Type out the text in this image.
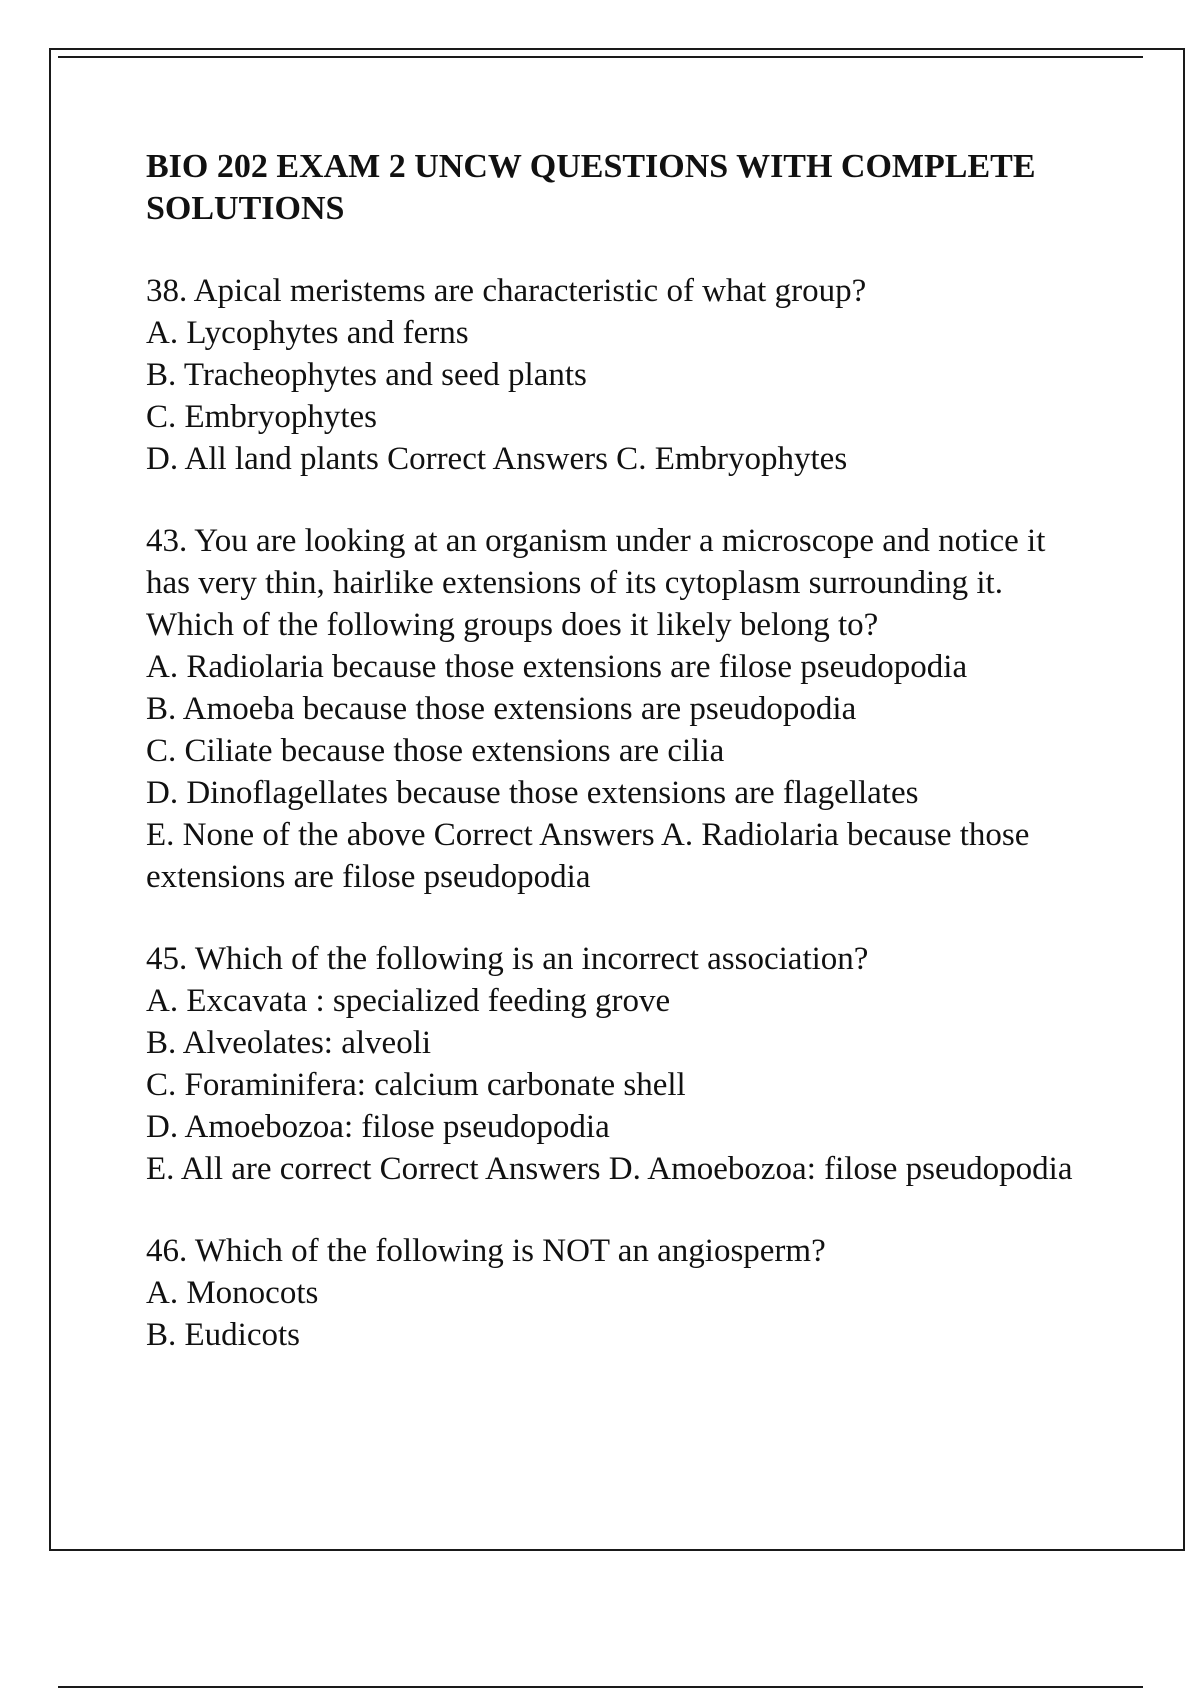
BIO 202 EXAM 2 UNCW QUESTIONS WITH COMPLETE SOLUTIONS

38. Apical meristems are characteristic of what group?

A. Lycophytes and ferns

B. Tracheophytes and seed plants

C. Embryophytes

D. All land plants Correct Answers C. Embryophytes

43. You are looking at an organism under a microscope and notice it has very thin, hairlike extensions of its cytoplasm surrounding it. Which of the following groups does it likely belong to?

A. Radiolaria because those extensions are filose pseudopodia

B. Amoeba because those extensions are pseudopodia

C. Ciliate because those extensions are cilia

D. Dinoflagellates because those extensions are flagellates

E. None of the above Correct Answers A. Radiolaria because those extensions are filose pseudopodia

45. Which of the following is an incorrect association?

A. Excavata : specialized feeding grove

B. Alveolates: alveoli

C. Foraminifera: calcium carbonate shell

D. Amoebozoa: filose pseudopodia

E. All are correct Correct Answers D. Amoebozoa: filose pseudopodia

46. Which of the following is NOT an angiosperm?

A. Monocots

B. Eudicots
